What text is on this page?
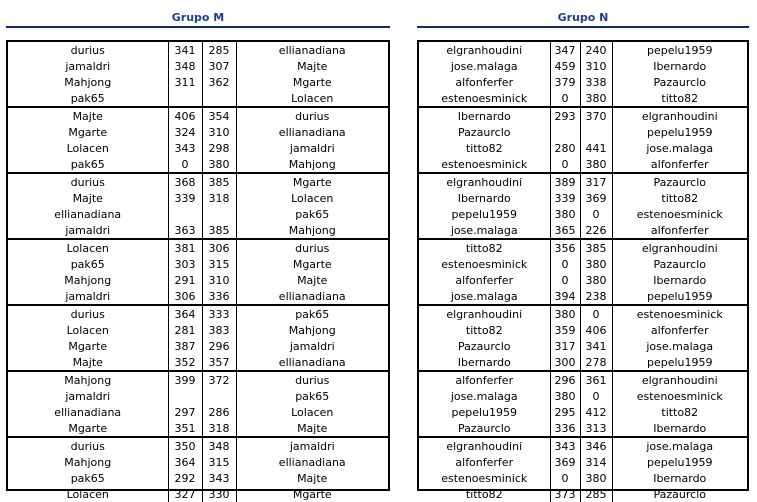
Grupo M
durius	341	285	ellianadiana
jamaldri	348	307	Majte
Mahjong	311	362	Mgarte
pak65			Lolacen
Majte	406	354	durius
Mgarte	324	310	ellianadiana
Lolacen	343	298	jamaldri
pak65	0	380	Mahjong
durius	368	385	Mgarte
Majte	339	318	Lolacen
ellianadiana			pak65
jamaldri	363	385	Mahjong
Lolacen	381	306	durius
pak65	303	315	Mgarte
Mahjong	291	310	Majte
jamaldri	306	336	ellianadiana
durius	364	333	pak65
Lolacen	281	383	Mahjong
Mgarte	387	296	jamaldri
Majte	352	357	ellianadiana
Mahjong	399	372	durius
jamaldri			pak65
ellianadiana	297	286	Lolacen
Mgarte	351	318	Majte
durius	350	348	jamaldri
Mahjong	364	315	ellianadiana
pak65	292	343	Majte
Lolacen	327	330	Mgarte
Grupo N
elgranhoudini	347	240	pepelu1959
jose.malaga	459	310	Ibernardo
alfonferfer	379	338	Pazaurclo
estenoesminick	0	380	titto82
Ibernardo	293	370	elgranhoudini
Pazaurclo			pepelu1959
titto82	280	441	jose.malaga
estenoesminick	0	380	alfonferfer
elgranhoudini	389	317	Pazaurclo
Ibernardo	339	369	titto82
pepelu1959	380	0	estenoesminick
jose.malaga	365	226	alfonferfer
titto82	356	385	elgranhoudini
estenoesminick	0	380	Pazaurclo
alfonferfer	0	380	Ibernardo
jose.malaga	394	238	pepelu1959
elgranhoudini	380	0	estenoesminick
titto82	359	406	alfonferfer
Pazaurclo	317	341	jose.malaga
Ibernardo	300	278	pepelu1959
alfonferfer	296	361	elgranhoudini
jose.malaga	380	0	estenoesminick
pepelu1959	295	412	titto82
Pazaurclo	336	313	Ibernardo
elgranhoudini	343	346	jose.malaga
alfonferfer	369	314	pepelu1959
estenoesminick	0	380	Ibernardo
titto82	373	285	Pazaurclo
